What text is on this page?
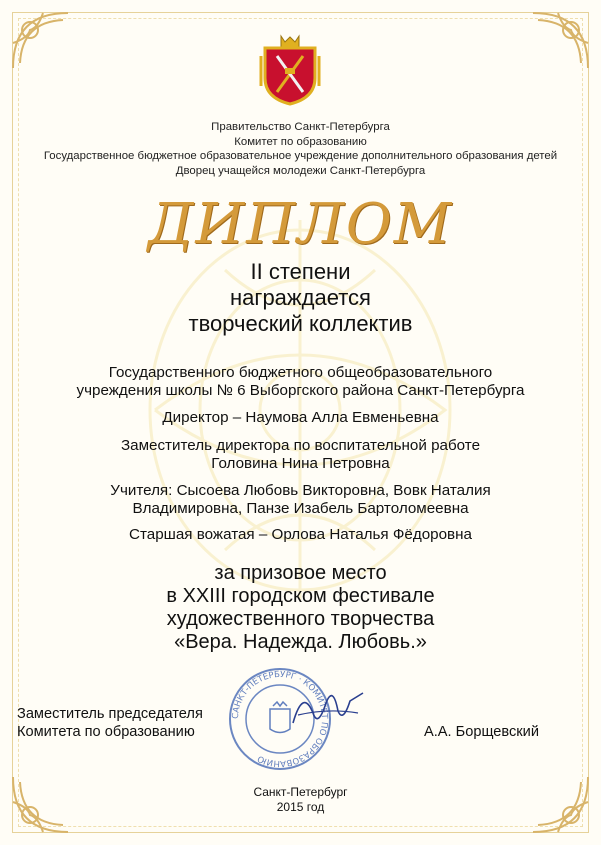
Правительство Санкт-Петербурга
Комитет по образованию
Государственное бюджетное образовательное учреждение дополнительного образования детей
Дворец учащейся молодежи Санкт-Петербурга
ДИПЛОМ
II степени
награждается
творческий коллектив
Государственного бюджетного общеобразовательного
учреждения школы № 6 Выборгского района Санкт-Петербурга
Директор – Наумова Алла Евменьевна
Заместитель директора по воспитательной работе
Головина Нина Петровна
Учителя: Сысоева Любовь Викторовна, Вовк Наталия
Владимировна, Панзе Изабель Бартоломеевна
Старшая вожатая – Орлова Наталья Фёдоровна
за призовое место
в XXIII городском фестивале
художественного творчества
«Вера. Надежда. Любовь.»
САНКТ-ПЕТЕРБУРГ · КОМИТЕТ ПО ОБРАЗОВАНИЮ
Заместитель председателя
Комитета по образованию	А.А. Борщевский
Санкт-Петербург
2015 год
